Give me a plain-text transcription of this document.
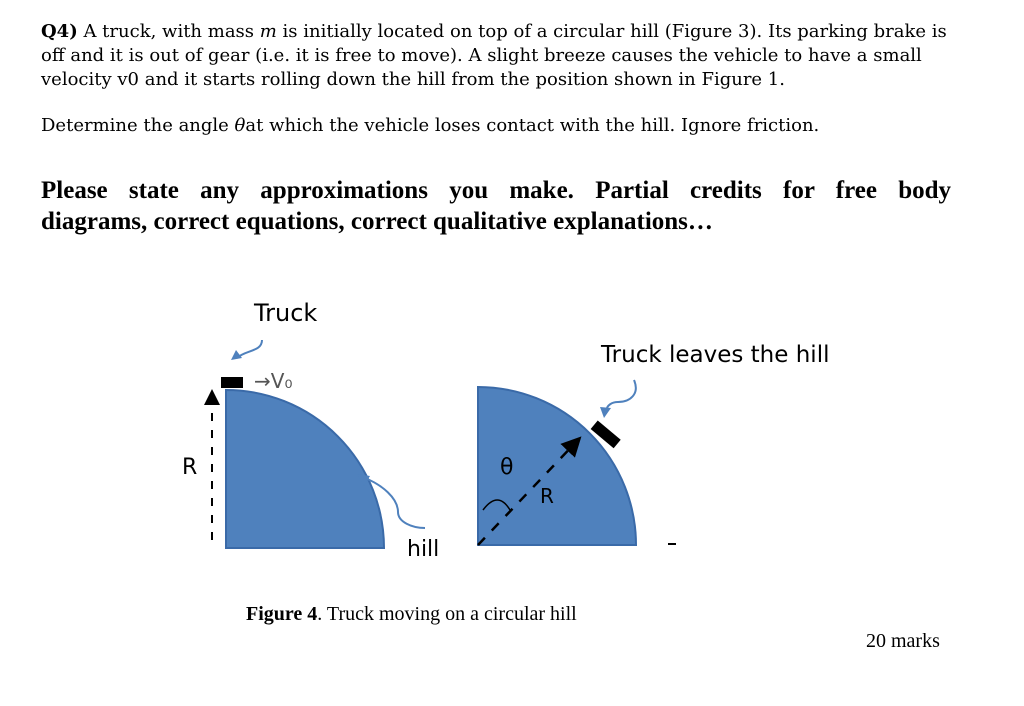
Q4) A truck, with mass m is initially located on top of a circular hill (Figure 3). Its parking brake is off and it is out of gear (i.e. it is free to move). A slight breeze causes the vehicle to have a small velocity v0 and it starts rolling down the hill from the position shown in Figure 1.

Determine the angle θat which the vehicle loses contact with the hill. Ignore friction.

Please state any approximations you make. Partial credits for free body
diagrams, correct equations, correct qualitative explanations…
Truck
→V₀
R
hill
θ
R
Truck leaves the hill
Figure 4. Truck moving on a circular hill
20 marks
